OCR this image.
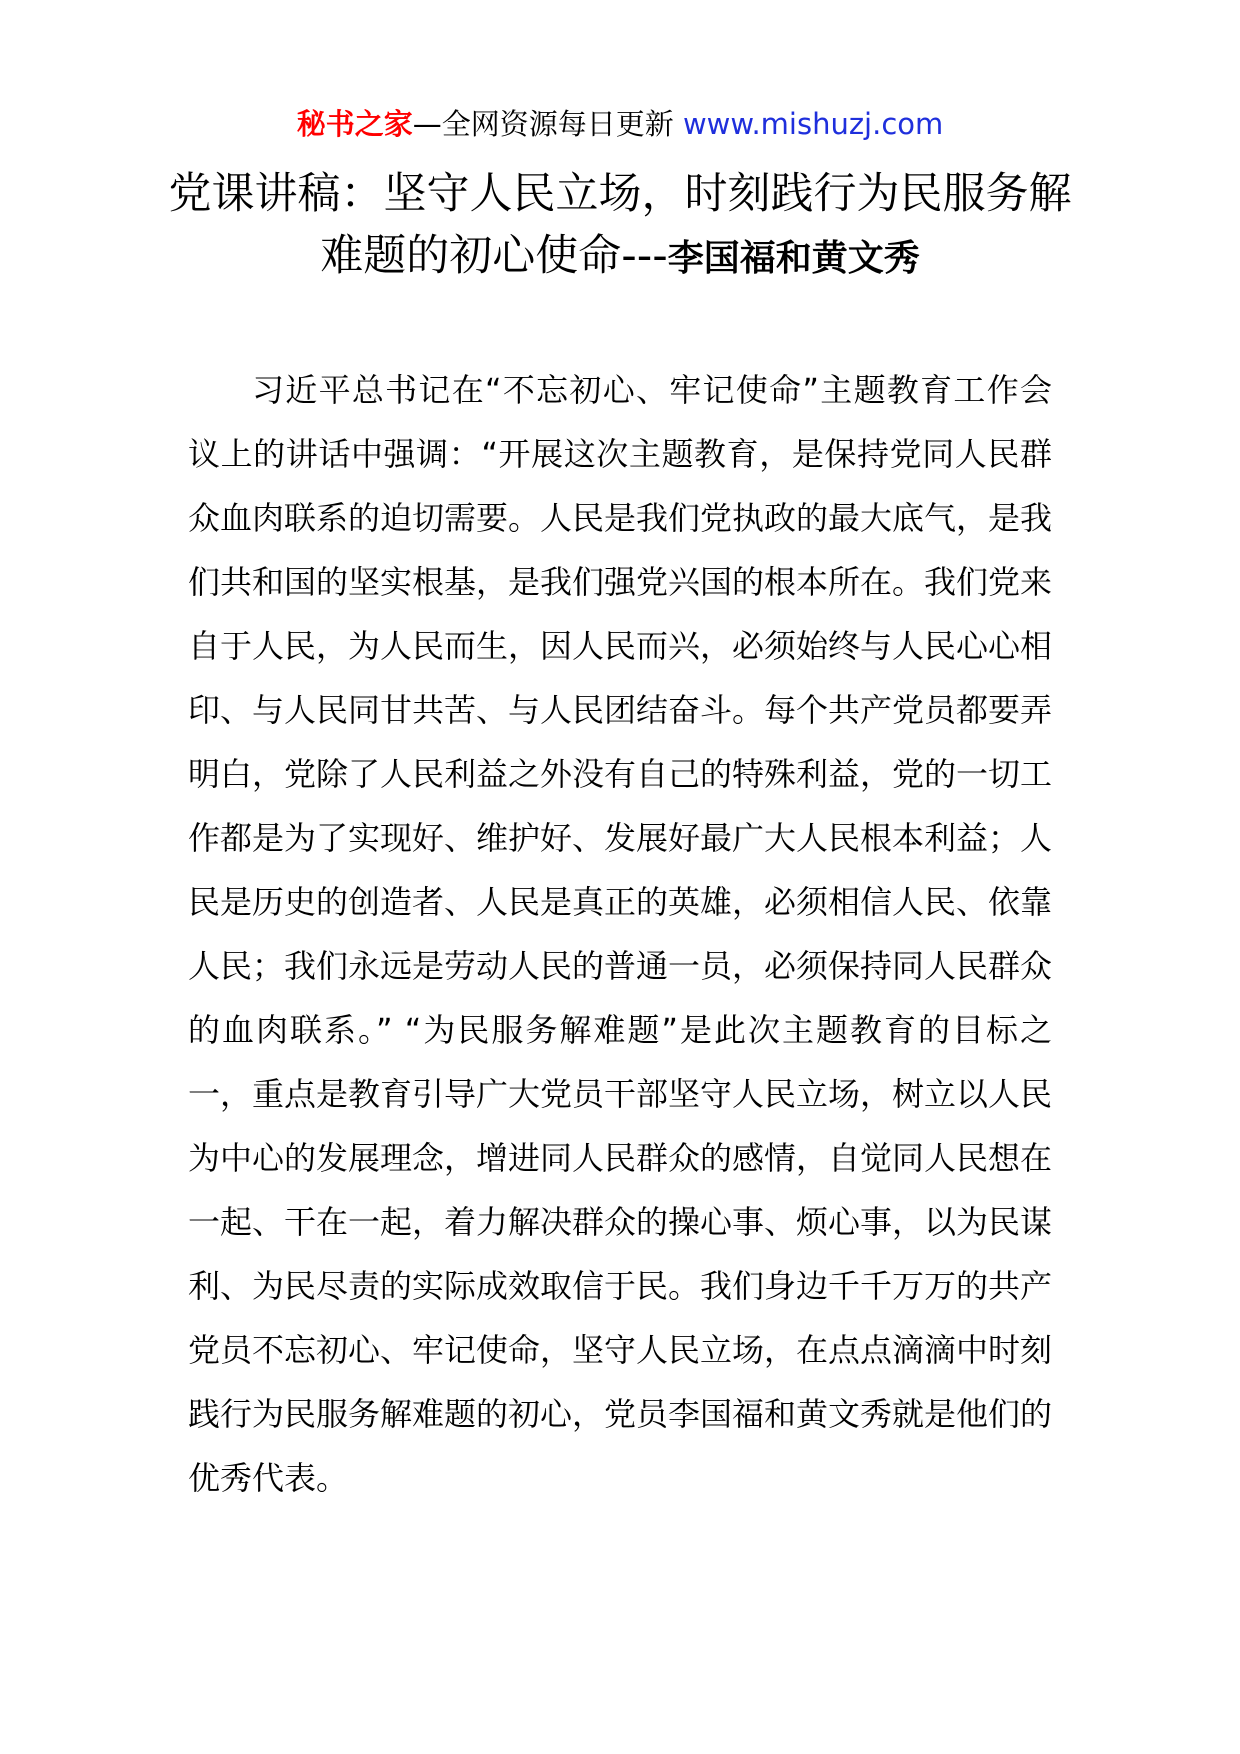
秘书之家—全网资源每日更新 www.mishuzj.com
党课讲稿：坚守人民立场，时刻践行为民服务解难题的初心使命---李国福和黄文秀

习近平总书记在“不忘初心、牢记使命”主题教育工作会议上的讲话中强调：“开展这次主题教育，是保持党同人民群众血肉联系的迫切需要。人民是我们党执政的最大底气，是我们共和国的坚实根基，是我们强党兴国的根本所在。我们党来自于人民，为人民而生，因人民而兴，必须始终与人民心心相印、与人民同甘共苦、与人民团结奋斗。每个共产党员都要弄明白，党除了人民利益之外没有自己的特殊利益，党的一切工作都是为了实现好、维护好、发展好最广大人民根本利益；人民是历史的创造者、人民是真正的英雄，必须相信人民、依靠人民；我们永远是劳动人民的普通一员，必须保持同人民群众的血肉联系。” “为民服务解难题”是此次主题教育的目标之一，重点是教育引导广大党员干部坚守人民立场，树立以人民为中心的发展理念，增进同人民群众的感情，自觉同人民想在一起、干在一起，着力解决群众的操心事、烦心事，以为民谋利、为民尽责的实际成效取信于民。我们身边千千万万的共产党员不忘初心、牢记使命，坚守人民立场，在点点滴滴中时刻践行为民服务解难题的初心，党员李国福和黄文秀就是他们的优秀代表。
